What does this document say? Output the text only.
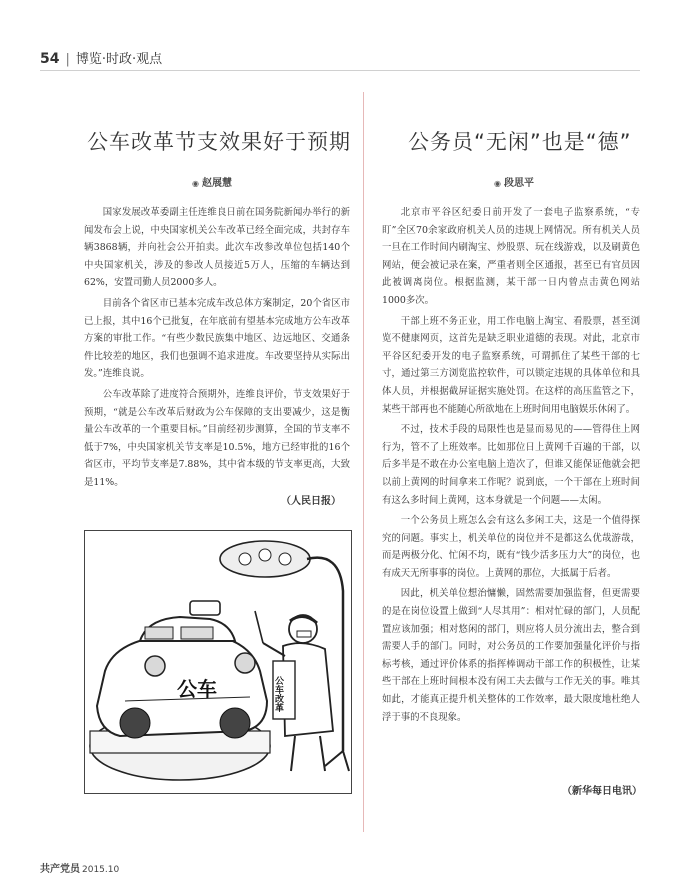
54 | 博览·时政·观点
公车改革节支效果好于预期
◉ 赵展慧

国家发展改革委副主任连维良日前在国务院新闻办举行的新闻发布会上说，中央国家机关公车改革已经全面完成，共封存车辆3868辆，并向社会公开拍卖。此次车改参改单位包括140个中央国家机关，涉及的参改人员接近5万人，压缩的车辆达到62%，安置司勤人员2000多人。

目前各个省区市已基本完成车改总体方案制定，20个省区市已上报，其中16个已批复，在年底前有望基本完成地方公车改革方案的审批工作。“有些少数民族集中地区、边远地区、交通条件比较差的地区，我们也强调不追求进度。车改要坚持从实际出发。”连维良说。

公车改革除了进度符合预期外，连维良评价，节支效果好于预期，“就是公车改革后财政为公车保障的支出要减少，这是衡量公车改革的一个重要目标。”目前经初步测算，全国的节支率不低于7%，中央国家机关节支率是10.5%，地方已经审批的16个省区市，平均节支率是7.88%，其中省本级的节支率更高，大致是11%。

（人民日报）
公车	公车改革
公务员“无闲”也是“德”
◉ 段思平

北京市平谷区纪委日前开发了一套电子监察系统，“专盯”全区70余家政府机关人员的违规上网情况。所有机关人员一旦在工作时间内刷淘宝、炒股票、玩在线游戏，以及刷黄色网站，便会被记录在案，严重者则全区通报，甚至已有官员因此被调离岗位。根据监测，某干部一日内曾点击黄色网站1000多次。

干部上班不务正业，用工作电脑上淘宝、看股票，甚至浏览不健康网页，这首先是缺乏职业道德的表现。对此，北京市平谷区纪委开发的电子监察系统，可谓抓住了某些干部的七寸，通过第三方浏览监控软件，可以锁定违规的具体单位和具体人员，并根据截屏证据实施处罚。在这样的高压监管之下，某些干部再也不能随心所欲地在上班时间用电脑娱乐休闲了。

不过，技术手段的局限性也是显而易见的——管得住上网行为，管不了上班效率。比如那位日上黄网千百遍的干部，以后多半是不敢在办公室电脑上造次了，但谁又能保证他就会把以前上黄网的时间拿来工作呢？说到底，一个干部在上班时间有这么多时间上黄网，这本身就是一个问题——太闲。

一个公务员上班怎么会有这么多闲工夫，这是一个值得探究的问题。事实上，机关单位的岗位并不是都这么优哉游哉，而是两极分化、忙闲不均，既有“钱少活多压力大”的岗位，也有成天无所事事的岗位。上黄网的那位，大抵属于后者。

因此，机关单位想治慵懒，固然需要加强监督，但更需要的是在岗位设置上做到“人尽其用”：相对忙碌的部门，人员配置应该加强；相对悠闲的部门，则应将人员分流出去，整合到需要人手的部门。同时，对公务员的工作要加强量化评价与指标考核，通过评价体系的指挥棒调动干部工作的积极性，让某些干部在上班时间根本没有闲工夫去做与工作无关的事。唯其如此，才能真正提升机关整体的工作效率，最大限度地杜绝人浮于事的不良现象。

（新华每日电讯）
共产党员 2015.10
